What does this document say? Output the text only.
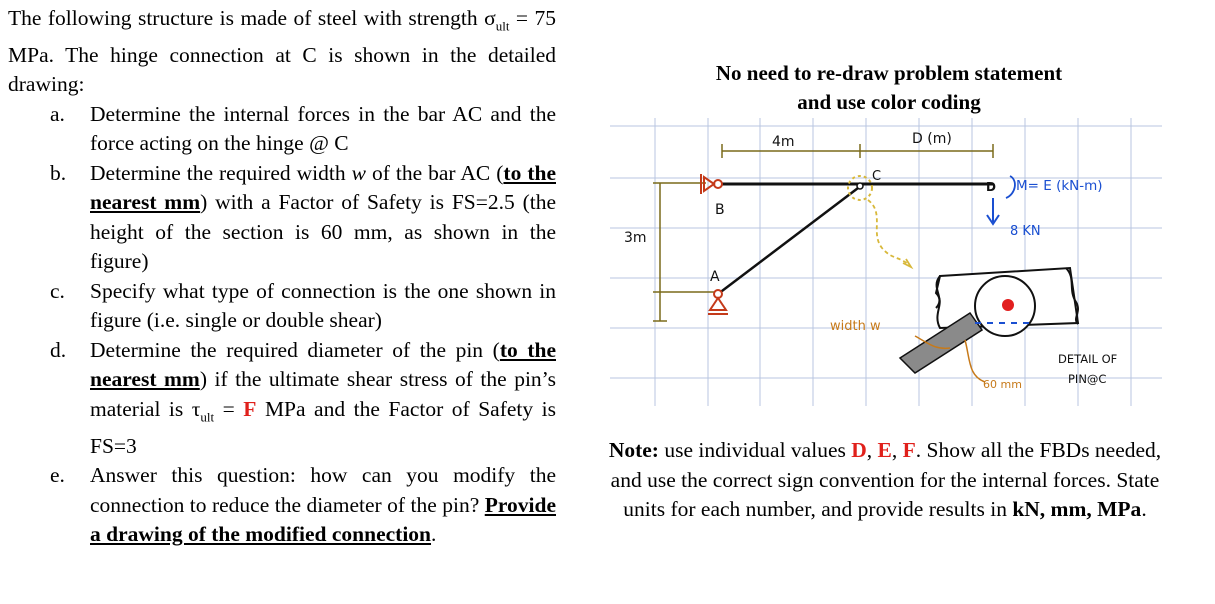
The following structure is made of steel with strength $\sigma_{ult} = 75$ MPa. The hinge connection at C is shown in the detailed drawing:

a. Determine the internal forces in the bar AC and the force acting on the hinge @ C
b. Determine the required width w of the bar AC (to the nearest mm) with a Factor of Safety is FS=2.5 (the height of the section is 60 mm, as shown in the figure)
c. Specify what type of connection is the one shown in figure (i.e. single or double shear)
d. Determine the required diameter of the pin (to the nearest mm) if the ultimate shear stress of the pin’s material is $\tau_{ult} = F$ MPa and the Factor of Safety is FS=3
e. Answer this question: how can you modify the connection to reduce the diameter of the pin? Provide a drawing of the modified connection.
No need to re-draw problem statement
and use color coding
4m	D (m)
3m
B
A
C
D
8 KN
M= E (kN-m)
width w
60 mm
DETAIL OF
PIN@C
Note: use individual values D, E, F. Show all the FBDs needed, and use the correct sign convention for the internal forces. State units for each number, and provide results in kN, mm, MPa.
